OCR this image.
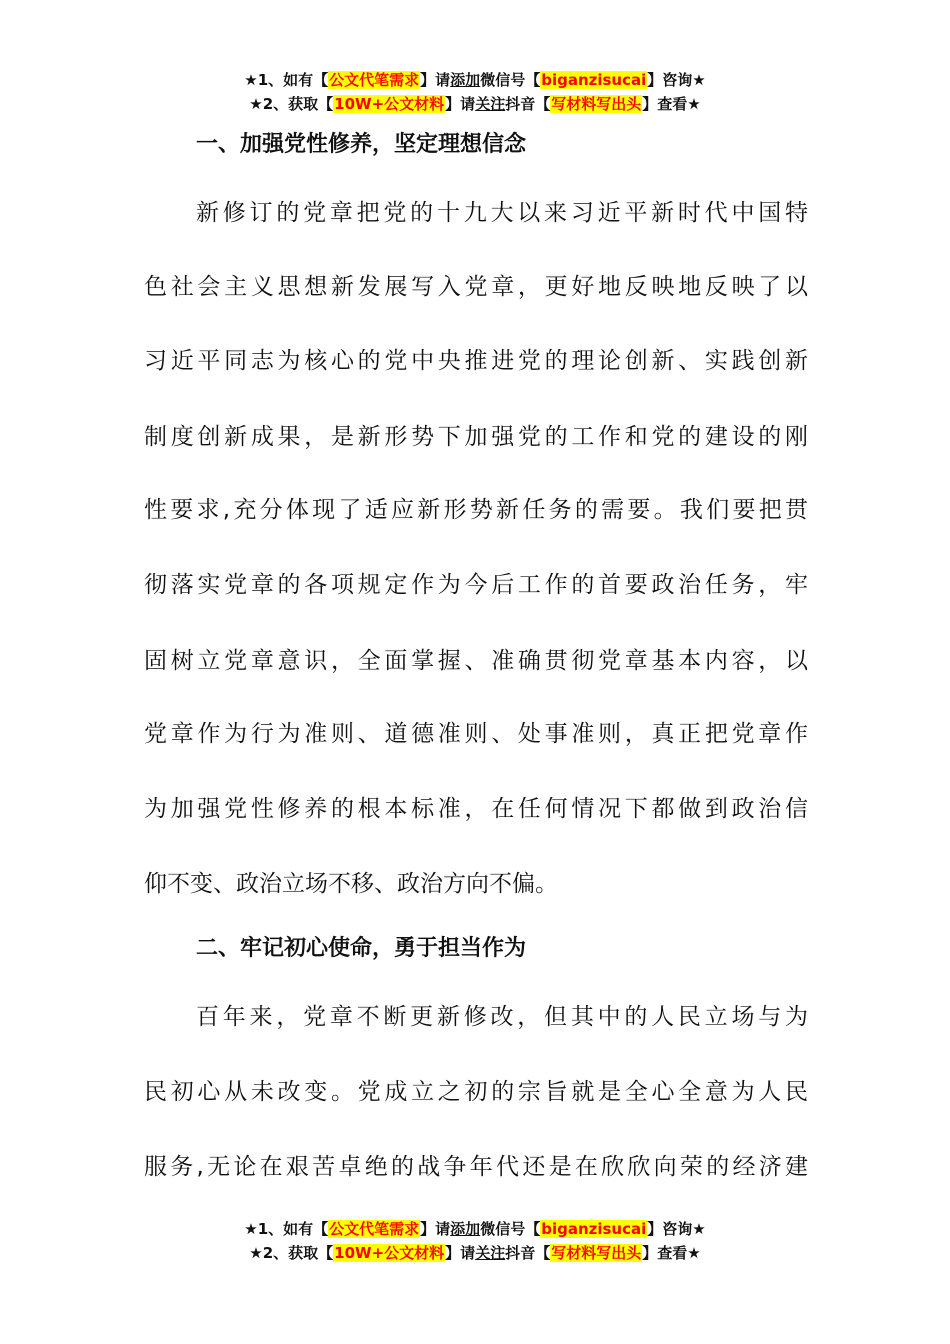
★1、如有【公文代笔需求】请添加微信号【biganzisucai】咨询★
★2、获取【10W+公文材料】请关注抖音【写材料写出头】查看★
一、加强党性修养，坚定理想信念
新修订的党章把党的十九大以来习近平新时代中国特
色社会主义思想新发展写入党章，更好地反映地反映了以
习近平同志为核心的党中央推进党的理论创新、实践创新
制度创新成果，是新形势下加强党的工作和党的建设的刚
性要求,充分体现了适应新形势新任务的需要。我们要把贯
彻落实党章的各项规定作为今后工作的首要政治任务，牢
固树立党章意识，全面掌握、准确贯彻党章基本内容，以
党章作为行为准则、道德准则、处事准则，真正把党章作
为加强党性修养的根本标准，在任何情况下都做到政治信
仰不变、政治立场不移、政治方向不偏。
二、牢记初心使命，勇于担当作为
百年来，党章不断更新修改，但其中的人民立场与为
民初心从未改变。党成立之初的宗旨就是全心全意为人民
服务,无论在艰苦卓绝的战争年代还是在欣欣向荣的经济建
★1、如有【公文代笔需求】请添加微信号【biganzisucai】咨询★
★2、获取【10W+公文材料】请关注抖音【写材料写出头】查看★
